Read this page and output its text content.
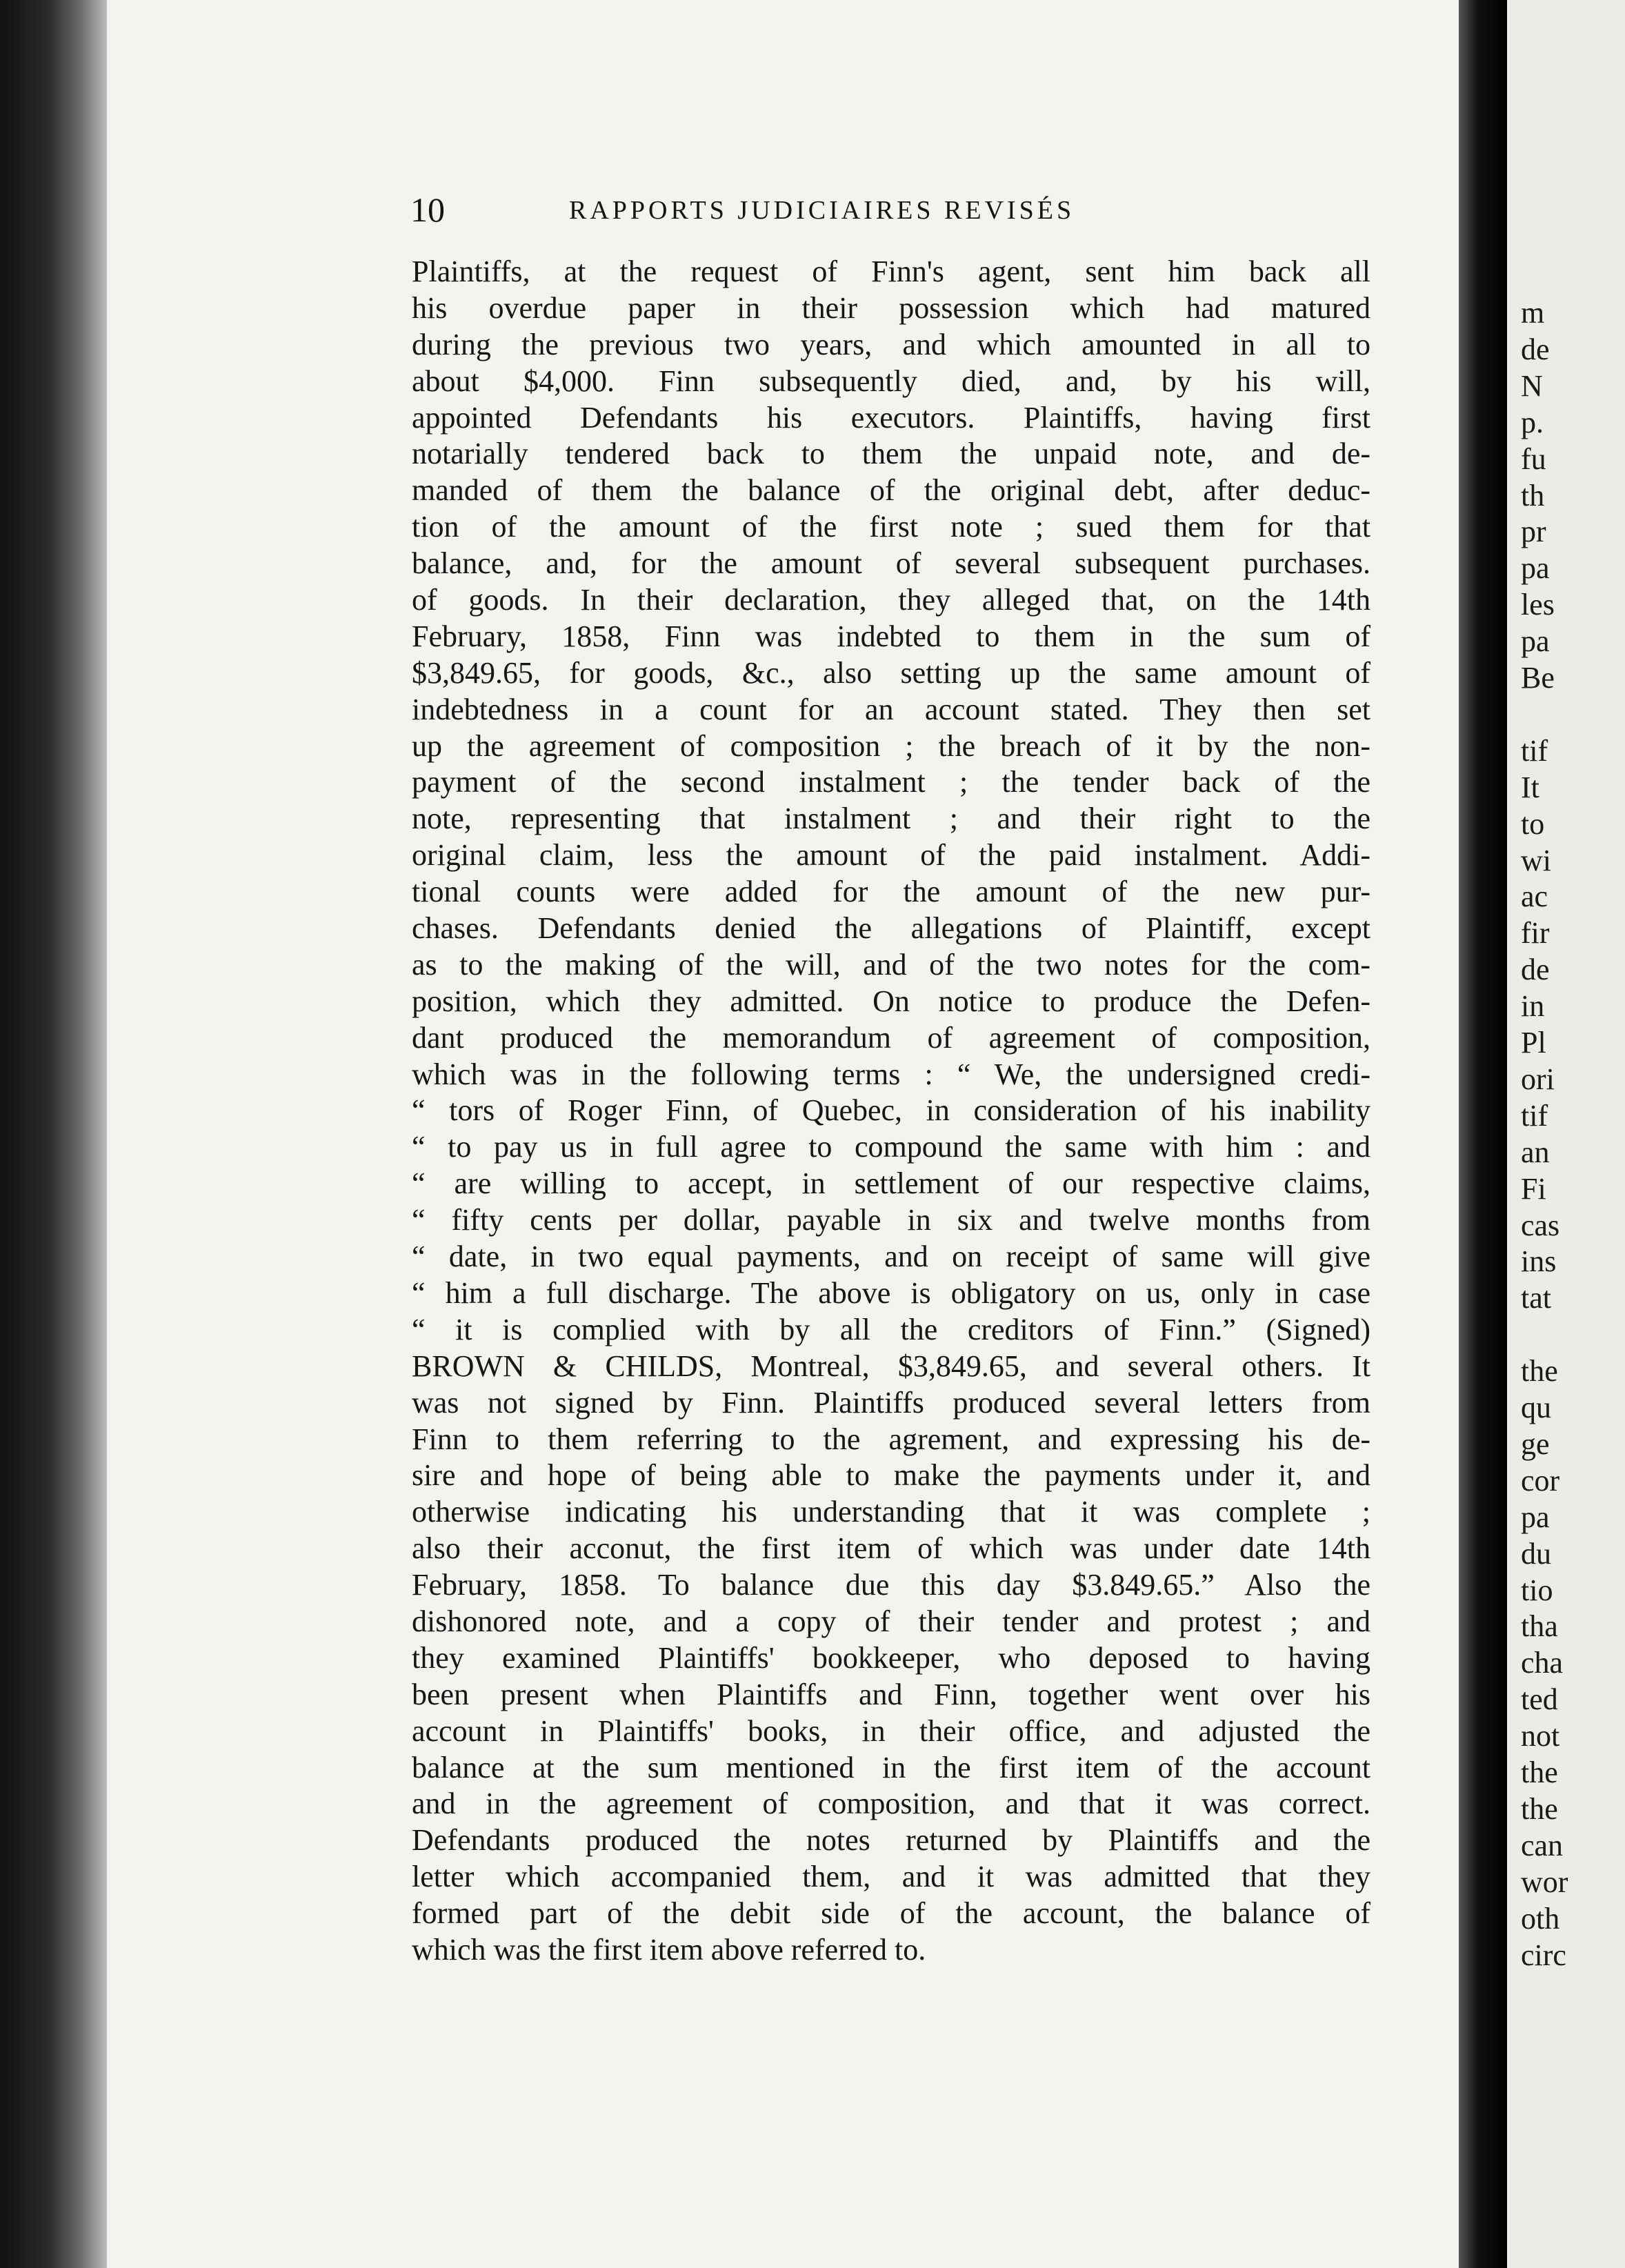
10	RAPPORTS JUDICIAIRES REVISÉS
Plaintiffs, at the request of Finn's agent, sent him back all
his overdue paper in their possession which had matured
during the previous two years, and which amounted in all to
about $4,000. Finn subsequently died, and, by his will,
appointed Defendants his executors. Plaintiffs, having first
notarially tendered back to them the unpaid note, and de-
manded of them the balance of the original debt, after deduc-
tion of the amount of the first note ; sued them for that
balance, and, for the amount of several subsequent purchases.
of goods. In their declaration, they alleged that, on the 14th
February, 1858, Finn was indebted to them in the sum of
$3,849.65, for goods, &c., also setting up the same amount of
indebtedness in a count for an account stated. They then set
up the agreement of composition ; the breach of it by the non-
payment of the second instalment ; the tender back of the
note, representing that instalment ; and their right to the
original claim, less the amount of the paid instalment. Addi-
tional counts were added for the amount of the new pur-
chases. Defendants denied the allegations of Plaintiff, except
as to the making of the will, and of the two notes for the com-
position, which they admitted. On notice to produce the Defen-
dant produced the memorandum of agreement of composition,
which was in the following terms : “ We, the undersigned credi-
“ tors of Roger Finn, of Quebec, in consideration of his inability
“ to pay us in full agree to compound the same with him : and
“ are willing to accept, in settlement of our respective claims,
“ fifty cents per dollar, payable in six and twelve months from
“ date, in two equal payments, and on receipt of same will give
“ him a full discharge. The above is obligatory on us, only in case
“ it is complied with by all the creditors of Finn.” (Signed)
BROWN & CHILDS, Montreal, $3,849.65, and several others. It
was not signed by Finn. Plaintiffs produced several letters from
Finn to them referring to the agrement, and expressing his de-
sire and hope of being able to make the payments under it, and
otherwise indicating his understanding that it was complete ;
also their acconut, the first item of which was under date 14th
February, 1858. To balance due this day $3.849.65.” Also the
dishonored note, and a copy of their tender and protest ; and
they examined Plaintiffs' bookkeeper, who deposed to having
been present when Plaintiffs and Finn, together went over his
account in Plaintiffs' books, in their office, and adjusted the
balance at the sum mentioned in the first item of the account
and in the agreement of composition, and that it was correct.
Defendants produced the notes returned by Plaintiffs and the
letter which accompanied them, and it was admitted that they
formed part of the debit side of the account, the balance of
which was the first item above referred to.
m
de
N
p.
fu
th
pr
pa
les
pa
Be
tif
It
to
wi
ac
fir
de
in
Pl
ori
tif
an
Fi
cas
ins
tat
the
qu
ge
cor
pa
du
tio
tha
cha
ted
not
the
the
can
wor
oth
circ
